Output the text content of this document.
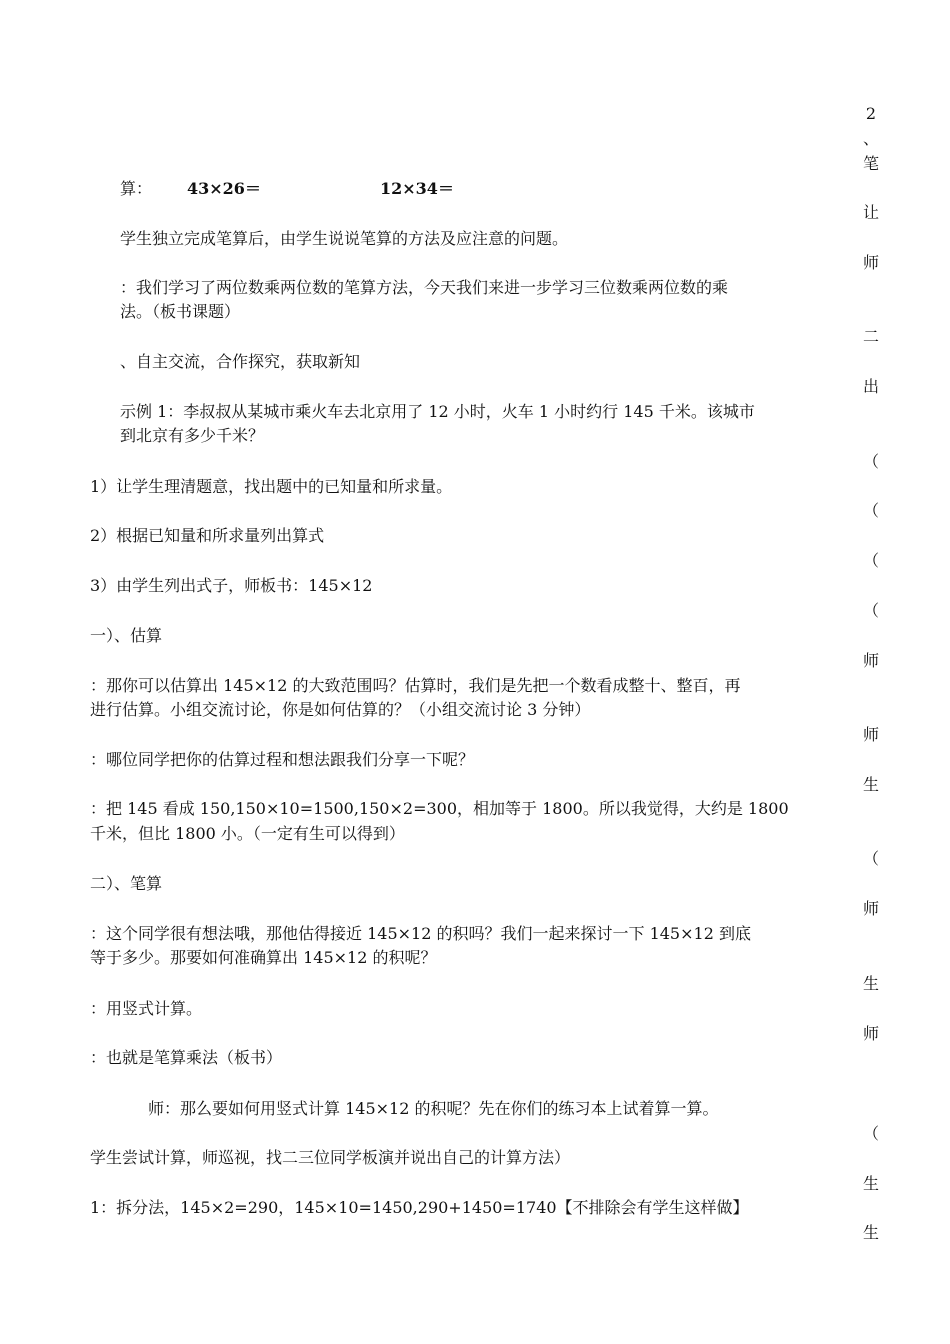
2
、
笔
让
师
二
出
（
（
（
（
师
师
生
（
师
生
师
（
生
生

算： 43×26＝	12×34＝

学生独立完成笔算后，由学生说说笔算的方法及应注意的问题。

：我们学习了两位数乘两位数的笔算方法，今天我们来进一步学习三位数乘两位数的乘

法。（板书课题）

、自主交流，合作探究，获取新知

示例 1：李叔叔从某城市乘火车去北京用了 12 小时，火车 1 小时约行 145 千米。该城市

到北京有多少千米？

1）让学生理清题意，找出题中的已知量和所求量。

2）根据已知量和所求量列出算式

3）由学生列出式子，师板书：145×12

一）、估算

：那你可以估算出 145×12 的大致范围吗？估算时，我们是先把一个数看成整十、整百，再

进行估算。小组交流讨论，你是如何估算的？（小组交流讨论 3 分钟）

：哪位同学把你的估算过程和想法跟我们分享一下呢？

：把 145 看成 150,150×10=1500,150×2=300，相加等于 1800。所以我觉得，大约是 1800

千米，但比 1800 小。（一定有生可以得到）

二）、笔算

：这个同学很有想法哦，那他估得接近 145×12 的积吗？我们一起来探讨一下 145×12 到底

等于多少。那要如何准确算出 145×12 的积呢？

：用竖式计算。

：也就是笔算乘法（板书）

师：那么要如何用竖式计算 145×12 的积呢？先在你们的练习本上试着算一算。

学生尝试计算，师巡视，找二三位同学板演并说出自己的计算方法）

1：拆分法，145×2=290，145×10=1450,290+1450=1740【不排除会有学生这样做】
